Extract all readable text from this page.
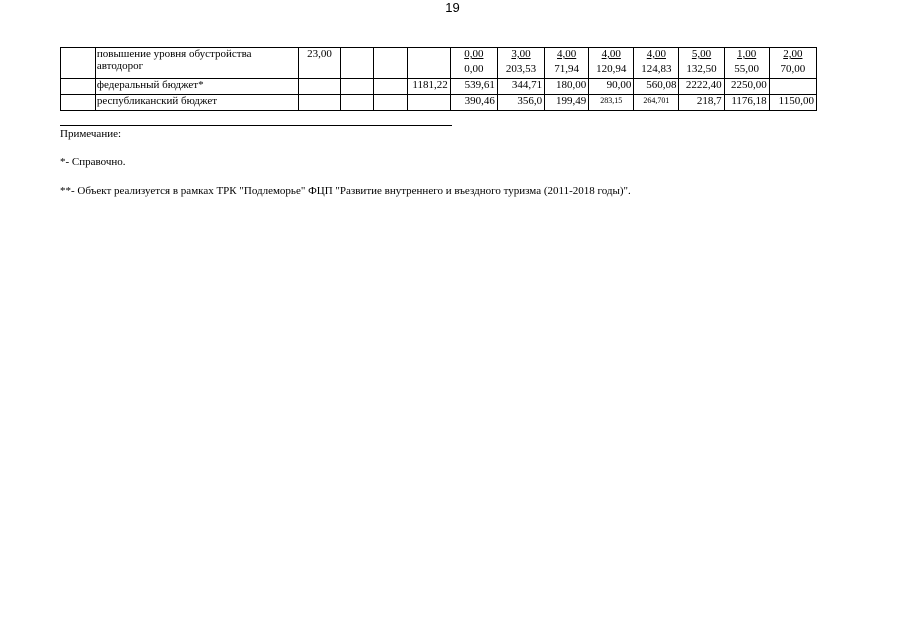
19
	повышение уровня обустройства автодорог	23,00				0,00	3,00	4,00	4,00	4,00	5,00	1,00	2,00
						0,00	203,53	71,94	120,94	124,83	132,50	55,00	70,00
	федеральный бюджет*				1181,22	539,61	344,71	180,00	90,00	560,08	2222,40	2250,00	
	республиканский бюджет					390,46	356,0	199,49	283,15	264,701	218,7	1176,18	1150,00
Примечание:
*- Справочно.
**- Объект реализуется в рамках ТРК "Подлеморье" ФЦП "Развитие внутреннего и въездного туризма (2011-2018 годы)".
